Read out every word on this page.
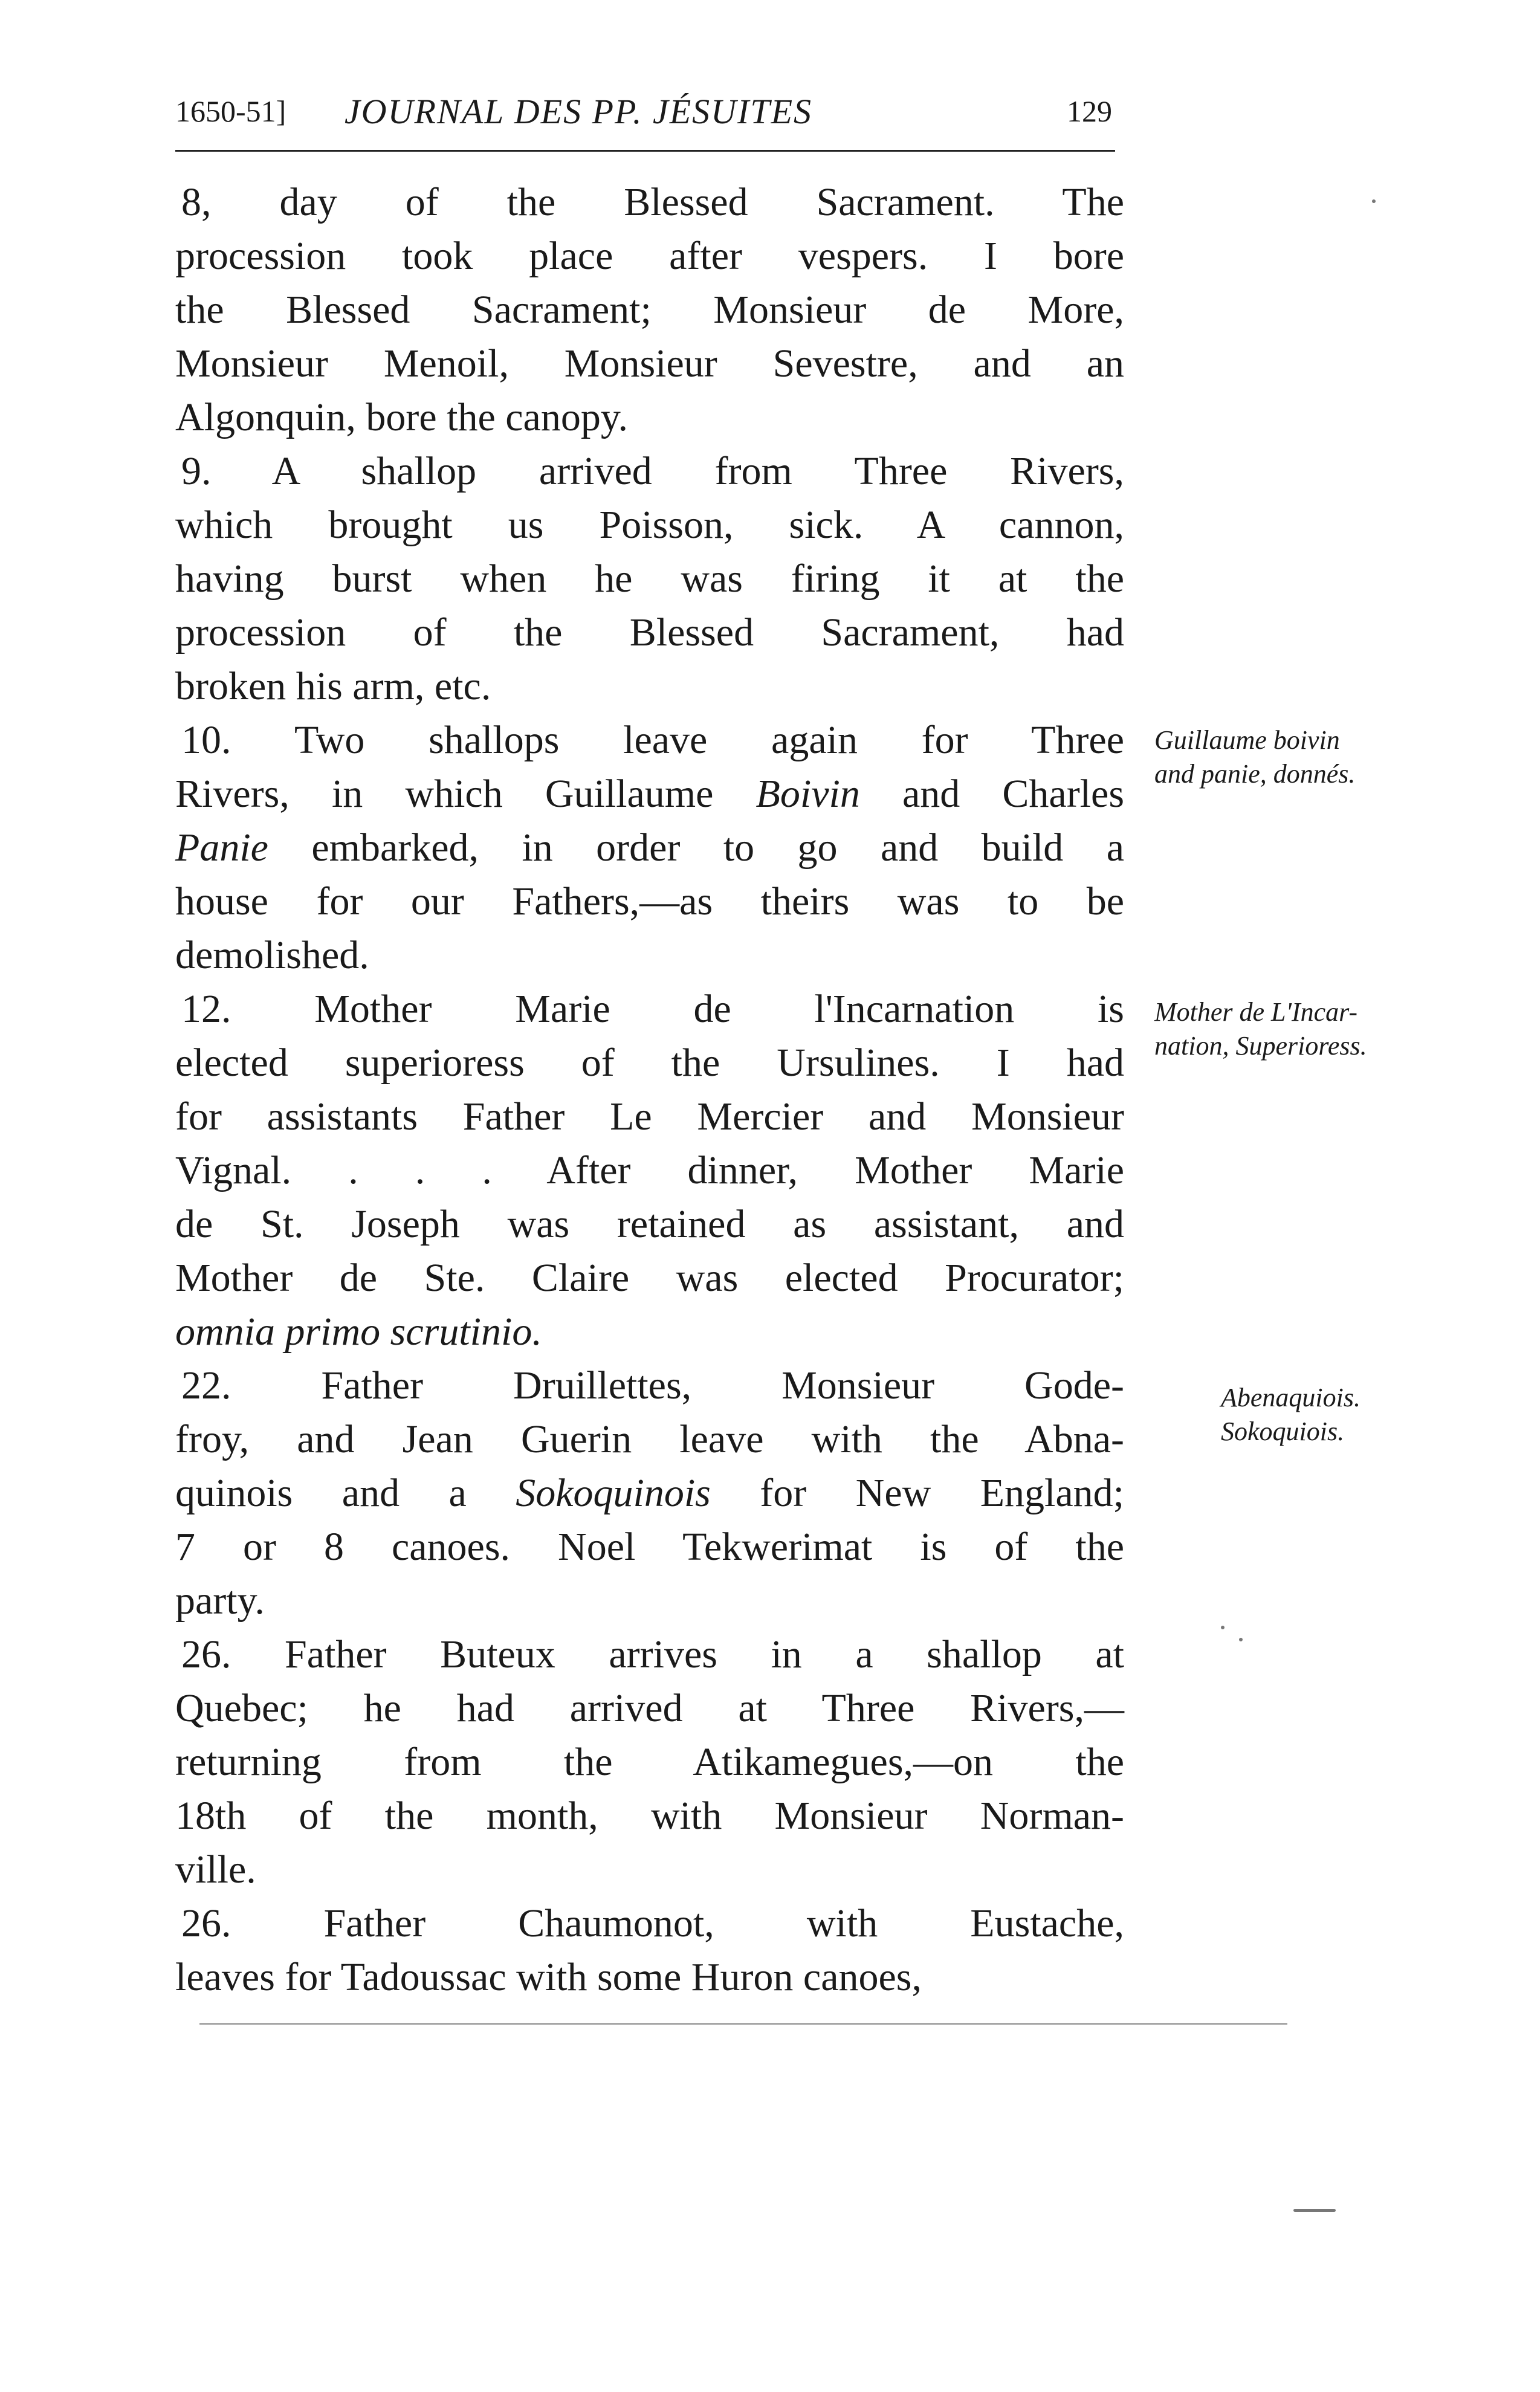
1650-51] JOURNAL DES PP. JÉSUITES	129
8, day of the Blessed Sacrament. The
procession took place after vespers. I bore
the Blessed Sacrament; Monsieur de More,
Monsieur Menoil, Monsieur Sevestre, and an
Algonquin, bore the canopy.
9. A shallop arrived from Three Rivers,
which brought us Poisson, sick. A cannon,
having burst when he was firing it at the
procession of the Blessed Sacrament, had
broken his arm, etc.
10. Two shallops leave again for Three
Rivers, in which Guillaume Boivin and Charles
Panie embarked, in order to go and build a
house for our Fathers,—as theirs was to be
demolished.
12. Mother Marie de l'Incarnation is
elected superioress of the Ursulines. I had
for assistants Father Le Mercier and Monsieur
Vignal. . . . After dinner, Mother Marie
de St. Joseph was retained as assistant, and
Mother de Ste. Claire was elected Procurator;
omnia primo scrutinio.
22. Father Druillettes, Monsieur Gode-
froy, and Jean Guerin leave with the Abna-
quinois and a Sokoquinois for New England;
7 or 8 canoes. Noel Tekwerimat is of the
party.
26. Father Buteux arrives in a shallop at
Quebec; he had arrived at Three Rivers,—
returning from the Atikamegues,—on the
18th of the month, with Monsieur Norman-
ville.
26. Father Chaumonot, with Eustache,
leaves for Tadoussac with some Huron canoes,
Guillaume boivin
and panie, donnés.
Mother de L'Incar-
nation, Superioress.
Abenaquiois.
Sokoquiois.
